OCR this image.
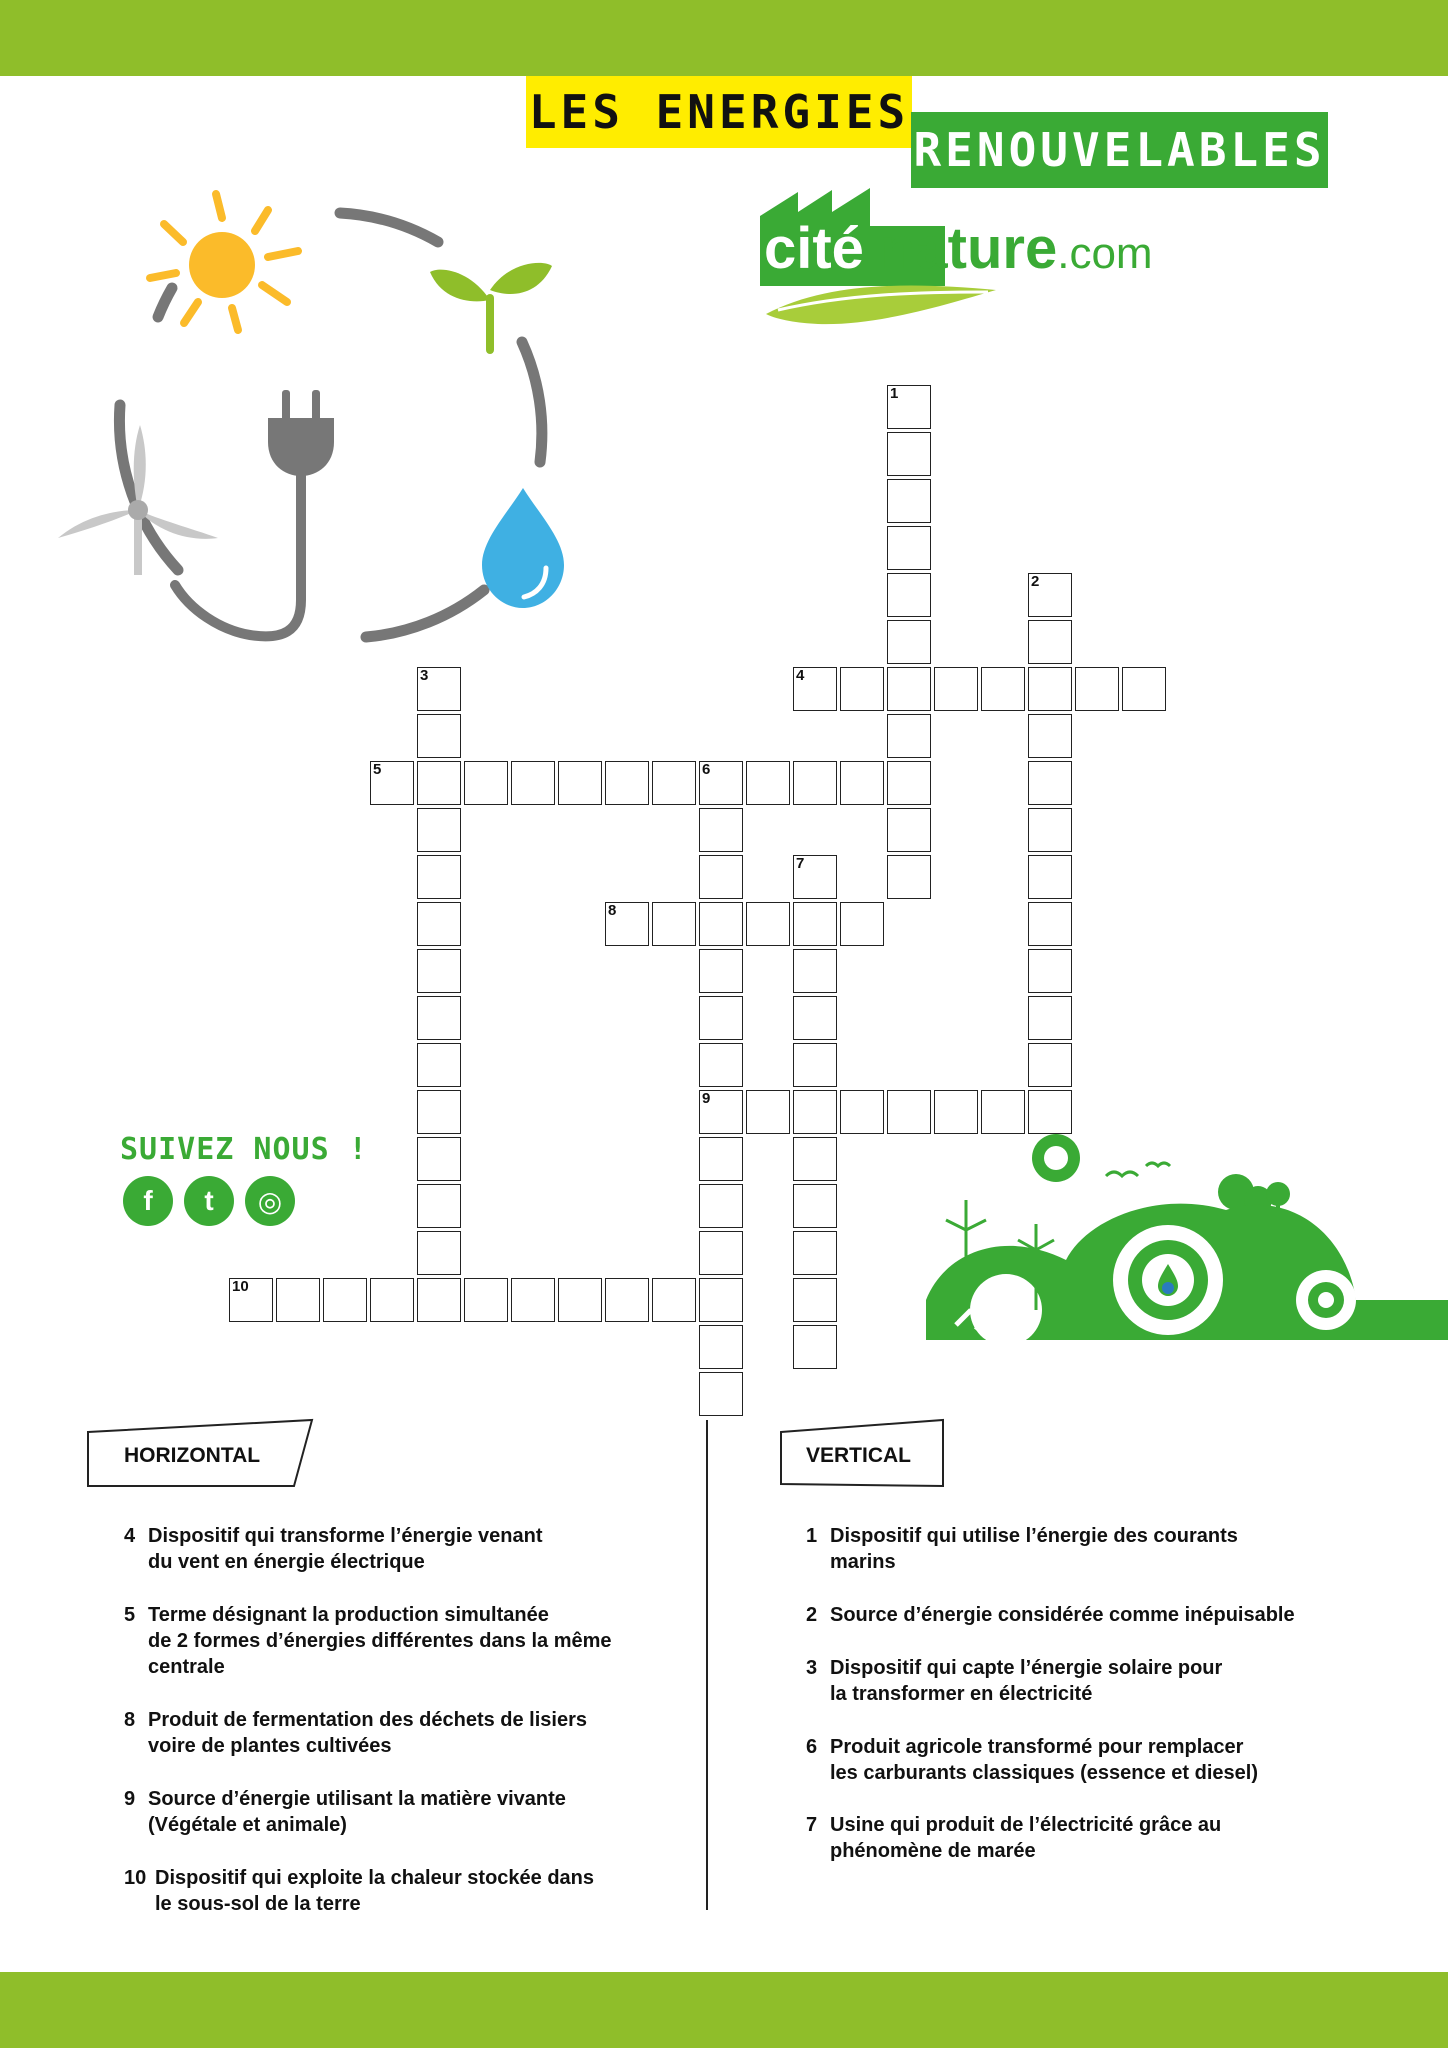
LES ENERGIES
RENOUVELABLES
cité nature.com
1
2
3	4
5	6
9
7
8
10
SUIVEZ NOUS !
f	t	◎
HORIZONTAL	VERTICAL
4 Dispositif qui transforme l’énergie venant
du vent en énergie électrique
5 Terme désignant la production simultanée
de 2 formes d’énergies différentes dans la même
centrale
8 Produit de fermentation des déchets de lisiers
voire de plantes cultivées
9 Source d’énergie utilisant la matière vivante
(Végétale et animale)
10 Dispositif qui exploite la chaleur stockée dans
le sous-sol de la terre
1 Dispositif qui utilise l’énergie des courants
marins
2 Source d’énergie considérée comme inépuisable
3 Dispositif qui capte l’énergie solaire pour
la transformer en électricité
6 Produit agricole transformé pour remplacer
les carburants classiques (essence et diesel)
7 Usine qui produit de l’électricité grâce au
phénomène de marée
